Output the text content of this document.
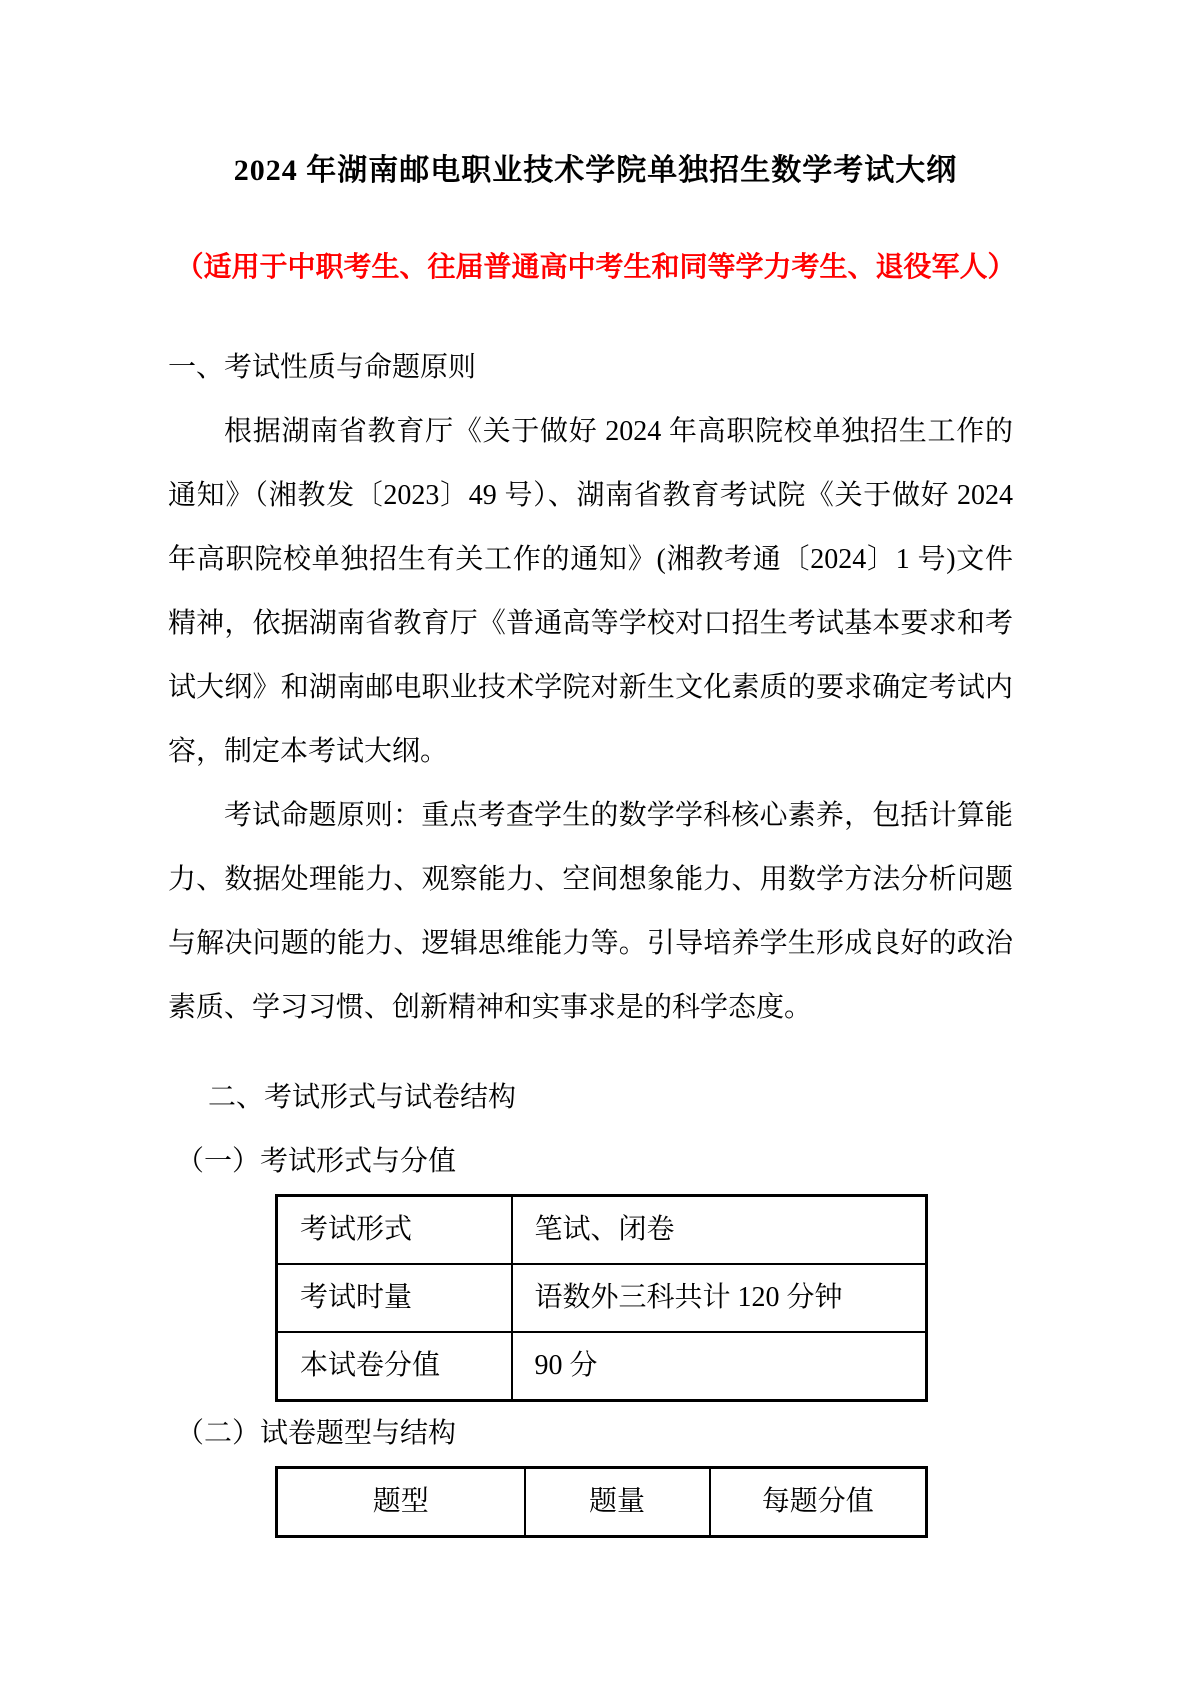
2024 年湖南邮电职业技术学院单独招生数学考试大纲
（适用于中职考生、往届普通高中考生和同等学力考生、退役军人）
一、考试性质与命题原则

根据湖南省教育厅《关于做好 2024 年高职院校单独招生工作的通知》（湘教发〔2023〕49 号）、湖南省教育考试院《关于做好 2024 年高职院校单独招生有关工作的通知》(湘教考通〔2024〕1 号)文件精神，依据湖南省教育厅《普通高等学校对口招生考试基本要求和考试大纲》和湖南邮电职业技术学院对新生文化素质的要求确定考试内容，制定本考试大纲。

考试命题原则：重点考查学生的数学学科核心素养，包括计算能力、数据处理能力、观察能力、空间想象能力、用数学方法分析问题与解决问题的能力、逻辑思维能力等。引导培养学生形成良好的政治素质、学习习惯、创新精神和实事求是的科学态度。

二、考试形式与试卷结构
（一）考试形式与分值
考试形式	笔试、闭卷
考试时量	语数外三科共计 120 分钟
本试卷分值	90 分
（二）试卷题型与结构
题型	题量	每题分值
